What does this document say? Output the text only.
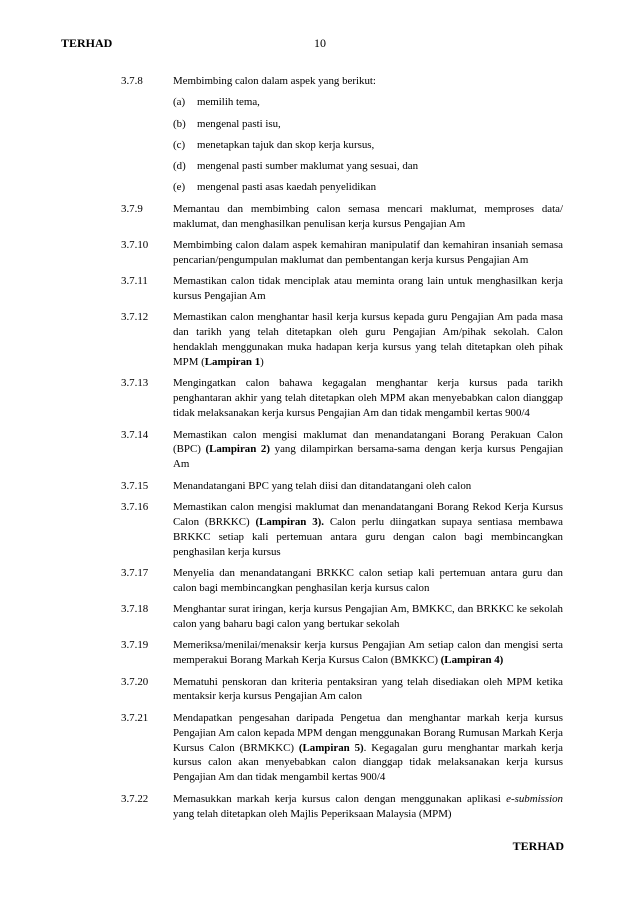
TERHAD	10
3.7.8	Membimbing calon dalam aspek yang berikut:
(a)	memilih tema,
(b)	mengenal pasti isu,
(c)	menetapkan tajuk dan skop kerja kursus,
(d)	mengenal pasti sumber maklumat yang sesuai, dan
(e)	mengenal pasti asas kaedah penyelidikan
3.7.9	Memantau dan membimbing calon semasa mencari maklumat, memproses data/ maklumat, dan menghasilkan penulisan kerja kursus Pengajian Am
3.7.10	Membimbing calon dalam aspek kemahiran manipulatif dan kemahiran insaniah semasa pencarian/pengumpulan maklumat dan pembentangan kerja kursus Pengajian Am
3.7.11	Memastikan calon tidak menciplak atau meminta orang lain untuk menghasilkan kerja kursus Pengajian Am
3.7.12	Memastikan calon menghantar hasil kerja kursus kepada guru Pengajian Am pada masa dan tarikh yang telah ditetapkan oleh guru Pengajian Am/pihak sekolah. Calon hendaklah menggunakan muka hadapan kerja kursus yang telah ditetapkan oleh pihak MPM (Lampiran 1)
3.7.13	Mengingatkan calon bahawa kegagalan menghantar kerja kursus pada tarikh penghantaran akhir yang telah ditetapkan oleh MPM akan menyebabkan calon dianggap tidak melaksanakan kerja kursus Pengajian Am dan tidak mengambil kertas 900/4
3.7.14	Memastikan calon mengisi maklumat dan menandatangani Borang Perakuan Calon (BPC) (Lampiran 2) yang dilampirkan bersama-sama dengan kerja kursus Pengajian Am
3.7.15	Menandatangani BPC yang telah diisi dan ditandatangani oleh calon
3.7.16	Memastikan calon mengisi maklumat dan menandatangani Borang Rekod Kerja Kursus Calon (BRKKC) (Lampiran 3). Calon perlu diingatkan supaya sentiasa membawa BRKKC setiap kali pertemuan antara guru dengan calon bagi membincangkan penghasilan kerja kursus
3.7.17	Menyelia dan menandatangani BRKKC calon setiap kali pertemuan antara guru dan calon bagi membincangkan penghasilan kerja kursus calon
3.7.18	Menghantar surat iringan, kerja kursus Pengajian Am, BMKKC, dan BRKKC ke sekolah calon yang baharu bagi calon yang bertukar sekolah
3.7.19	Memeriksa/menilai/menaksir kerja kursus Pengajian Am setiap calon dan mengisi serta memperakui Borang Markah Kerja Kursus Calon (BMKKC) (Lampiran 4)
3.7.20	Mematuhi penskoran dan kriteria pentaksiran yang telah disediakan oleh MPM ketika mentaksir kerja kursus Pengajian Am calon
3.7.21	Mendapatkan pengesahan daripada Pengetua dan menghantar markah kerja kursus Pengajian Am calon kepada MPM dengan menggunakan Borang Rumusan Markah Kerja Kursus Calon (BRMKKC) (Lampiran 5). Kegagalan guru menghantar markah kerja kursus calon akan menyebabkan calon dianggap tidak melaksanakan kerja kursus Pengajian Am dan tidak mengambil kertas 900/4
3.7.22	Memasukkan markah kerja kursus calon dengan menggunakan aplikasi e-submission yang telah ditetapkan oleh Majlis Peperiksaan Malaysia (MPM)
TERHAD
